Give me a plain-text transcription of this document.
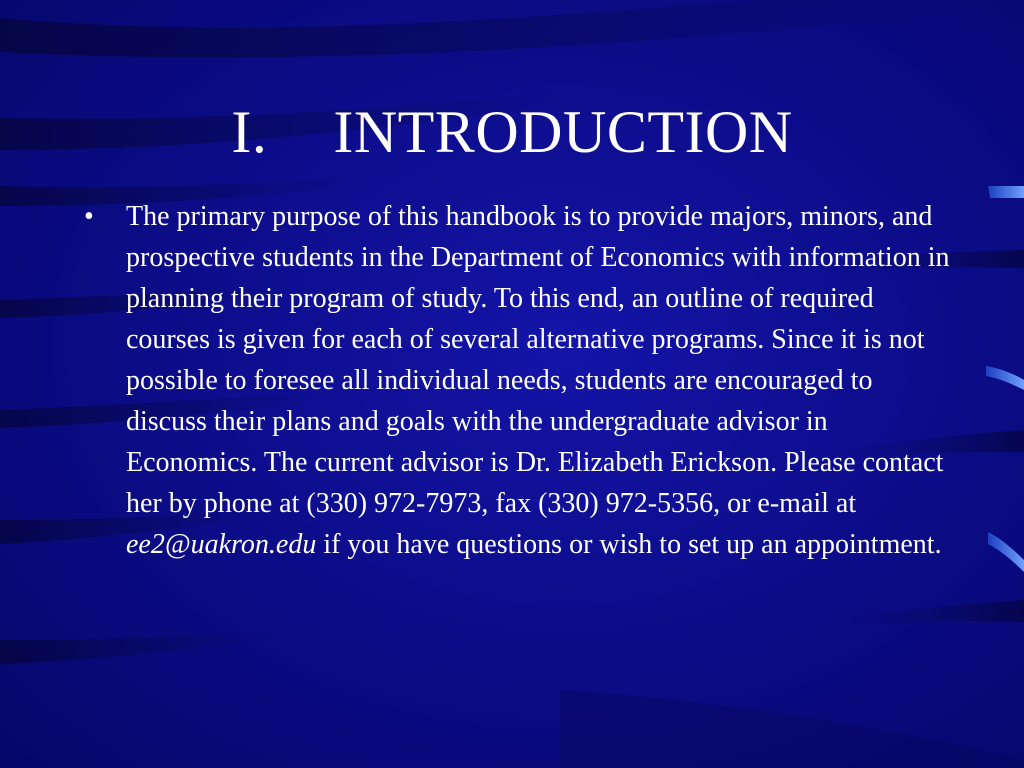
I. INTRODUCTION
• The primary purpose of this handbook is to provide majors, minors, and prospective students in the Department of Economics with information in planning their program of study. To this end, an outline of required courses is given for each of several alternative programs. Since it is not possible to foresee all individual needs, students are encouraged to discuss their plans and goals with the undergraduate advisor in Economics. The current advisor is Dr. Elizabeth Erickson. Please contact her by phone at (330) 972-7973, fax (330) 972-5356, or e-mail at ee2@uakron.edu if you have questions or wish to set up an appointment.
